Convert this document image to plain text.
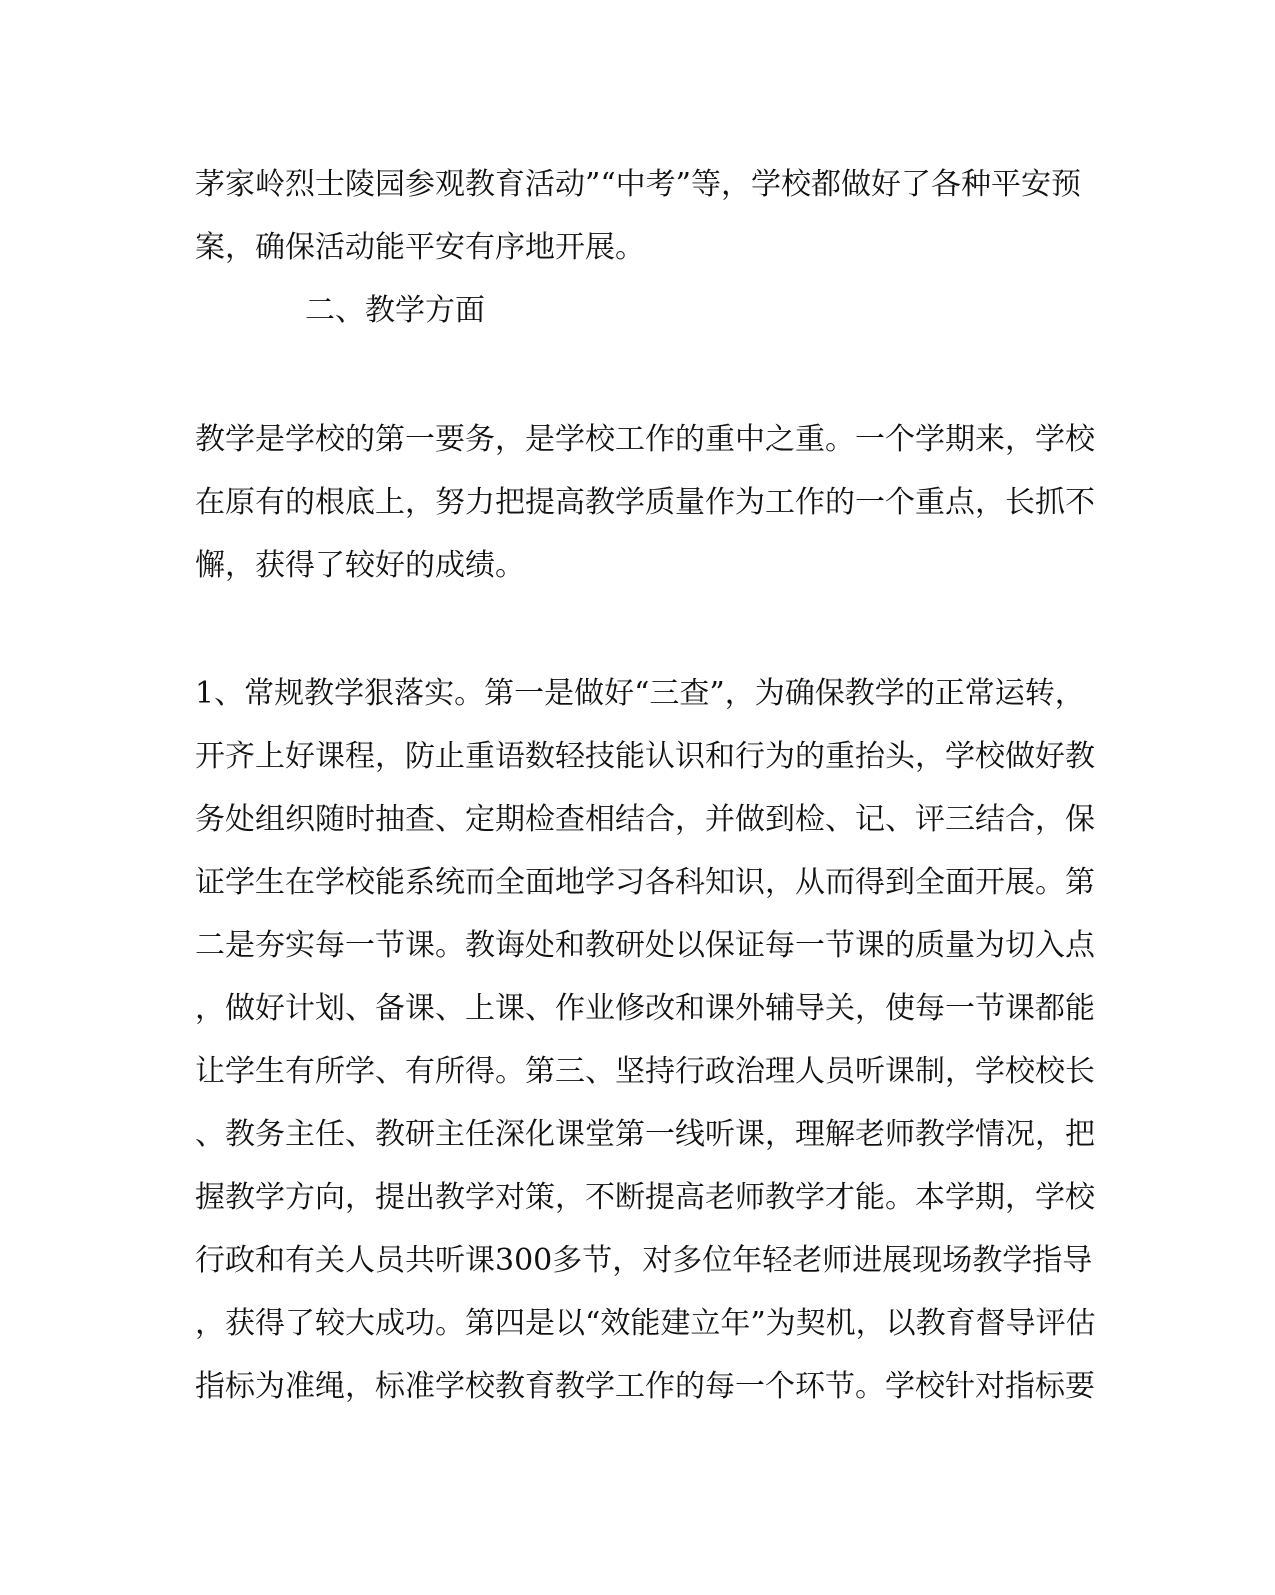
茅家岭烈士陵园参观教育活动”“中考”等，学校都做好了各种平安预

案，确保活动能平安有序地开展。

二、教学方面

教学是学校的第一要务，是学校工作的重中之重。一个学期来，学校

在原有的根底上，努力把提高教学质量作为工作的一个重点，长抓不

懈，获得了较好的成绩。

1、常规教学狠落实。第一是做好“三查”，为确保教学的正常运转，

开齐上好课程，防止重语数轻技能认识和行为的重抬头，学校做好教

务处组织随时抽查、定期检查相结合，并做到检、记、评三结合，保

证学生在学校能系统而全面地学习各科知识，从而得到全面开展。第

二是夯实每一节课。教诲处和教研处以保证每一节课的质量为切入点

，做好计划、备课、上课、作业修改和课外辅导关，使每一节课都能

让学生有所学、有所得。第三、坚持行政治理人员听课制，学校校长

、教务主任、教研主任深化课堂第一线听课，理解老师教学情况，把

握教学方向，提出教学对策，不断提高老师教学才能。本学期，学校

行政和有关人员共听课300多节，对多位年轻老师进展现场教学指导

，获得了较大成功。第四是以“效能建立年”为契机，以教育督导评估

指标为准绳，标准学校教育教学工作的每一个环节。学校针对指标要
